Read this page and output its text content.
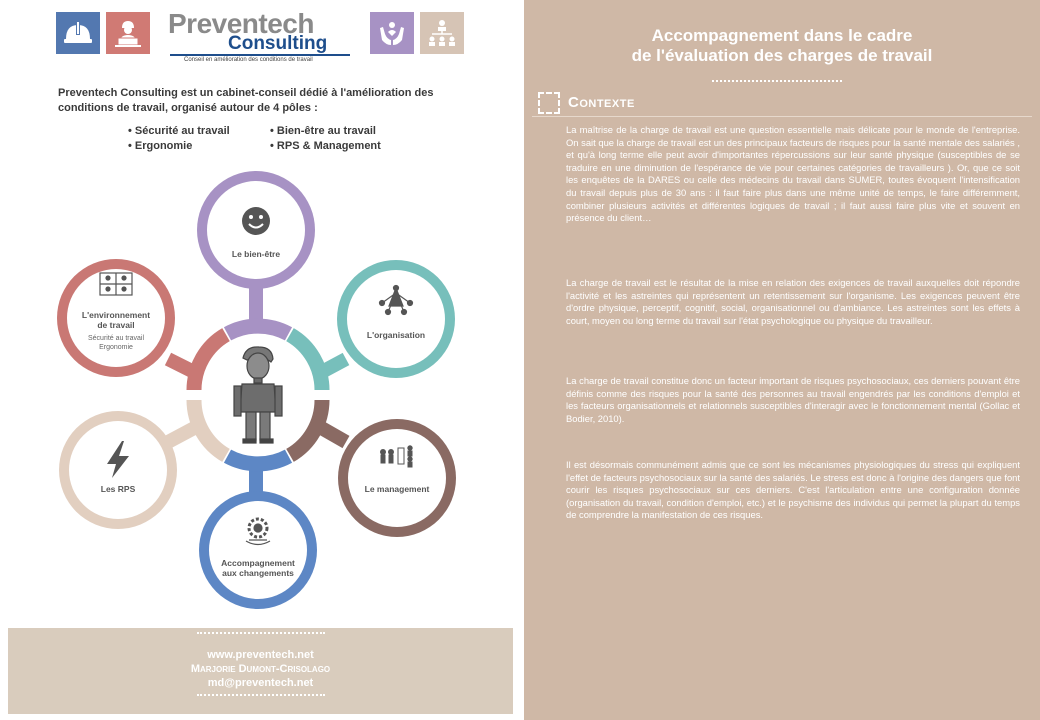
Preventech
Consulting
Conseil en amélioration des conditions de travail

Preventech Consulting est un cabinet-conseil dédié à l'amélioration des conditions de travail, organisé autour de 4 pôles :

• Sécurité au travail
• Ergonomie
• Bien-être au travail
• RPS & Management
Le bien-être
L'organisation
Le management
Accompagnement
aux changements
Les RPS
L'environnement
de travail
Sécurité au travail
Ergonomie
www.preventech.net
Marjorie Dumont-Crisolago
md@preventech.net
Accompagnement dans le cadre
de l'évaluation des charges de travail
Contexte

La maîtrise de la charge de travail est une question essentielle mais délicate pour le monde de l'entreprise. On sait que la charge de travail est un des principaux facteurs de risques pour la santé mentale des salariés , et qu'à long terme elle peut avoir d'importantes répercussions sur leur santé physique (susceptibles de se traduire en une diminution de l'espérance de vie pour certaines catégories de travailleurs ). Or, que ce soit les enquêtes de la DARES ou celle des médecins du travail dans SUMER, toutes évoquent l'intensification du travail depuis plus de 30 ans : il faut faire plus dans une même unité de temps, le faire différemment, combiner plusieurs activités et différentes logiques de travail ; il faut aussi faire plus vite et souvent en présence du client…

La charge de travail est le résultat de la mise en relation des exigences de travail auxquelles doit répondre l'activité et les astreintes qui représentent un retentissement sur l'organisme. Les exigences peuvent être d'ordre physique, perceptif, cognitif, social, organisationnel ou d'ambiance. Les astreintes sont les effets à court, moyen ou long terme du travail sur l'état psychologique ou physique du travailleur.

La charge de travail constitue donc un facteur important de risques psychosociaux, ces derniers pouvant être définis comme des risques pour la santé des personnes au travail engendrés par les conditions d'emploi et les facteurs organisationnels et relationnels susceptibles d'interagir avec le fonctionnement mental (Gollac et Bodier, 2010).

Il est désormais communément admis que ce sont les mécanismes physiologiques du stress qui expliquent l'effet de facteurs psychosociaux sur la santé des salariés. Le stress est donc à l'origine des dangers que font courir les risques psychosociaux sur ces derniers. C'est l'articulation entre une configuration donnée (organisation du travail, condition d'emploi, etc.) et le psychisme des individus qui permet la plupart du temps de comprendre la manifestation de ces risques.
